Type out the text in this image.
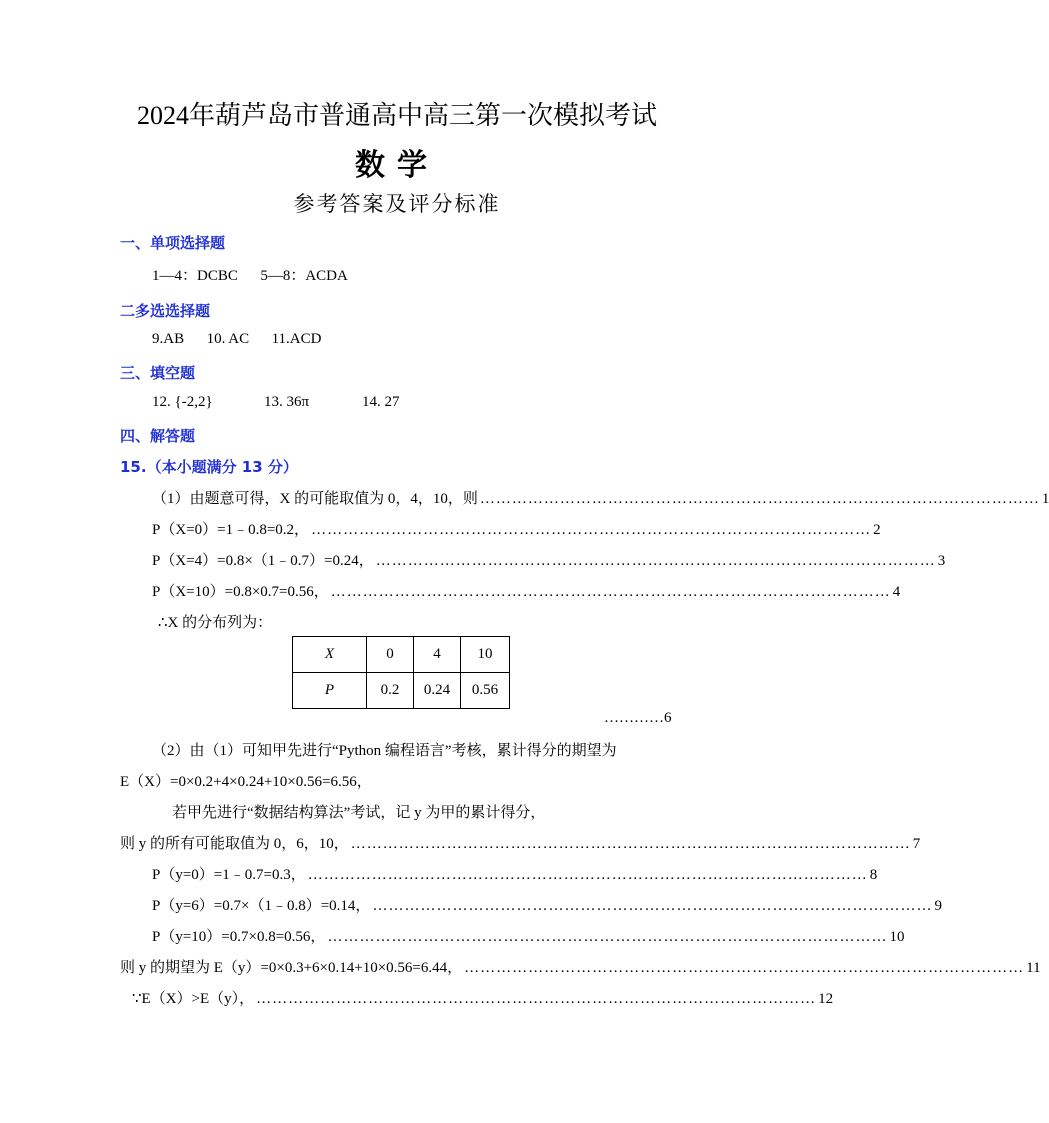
2024年葫芦岛市普通高中高三第一次模拟考试
数学
参考答案及评分标准
一、单项选择题
1—4：DCBC      5—8：ACDA
二多选选择题
9.AB      10. AC      11.ACD
三、填空题
12. {-2,2}	13. 36π	14. 27
四、解答题
15.（本小题满分 13 分）
（1）由题意可得，X 的可能取值为 0，4，10，则 …………………………………………………………………………………………… 1
P（X=0）=1﹣0.8=0.2， …………………………………………………………………………………………… 2
P（X=4）=0.8×（1﹣0.7）=0.24， …………………………………………………………………………………………… 3
P（X=10）=0.8×0.7=0.56， …………………………………………………………………………………………… 4
∴X 的分布列为：
X	0	4	10
P	0.2	0.24	0.56
…………6
（2）由（1）可知甲先进行“Python 编程语言”考核，累计得分的期望为
E（X）=0×0.2+4×0.24+10×0.56=6.56，
若甲先进行“数据结构算法”考试，记 y 为甲的累计得分，
则 y 的所有可能取值为 0，6，10， …………………………………………………………………………………………… 7
P（y=0）=1﹣0.7=0.3， …………………………………………………………………………………………… 8
P（y=6）=0.7×（1﹣0.8）=0.14， …………………………………………………………………………………………… 9
P（y=10）=0.7×0.8=0.56， …………………………………………………………………………………………… 10
则 y 的期望为 E（y）=0×0.3+6×0.14+10×0.56=6.44， …………………………………………………………………………………………… 11
∵E（X）>E（y）， …………………………………………………………………………………………… 12
